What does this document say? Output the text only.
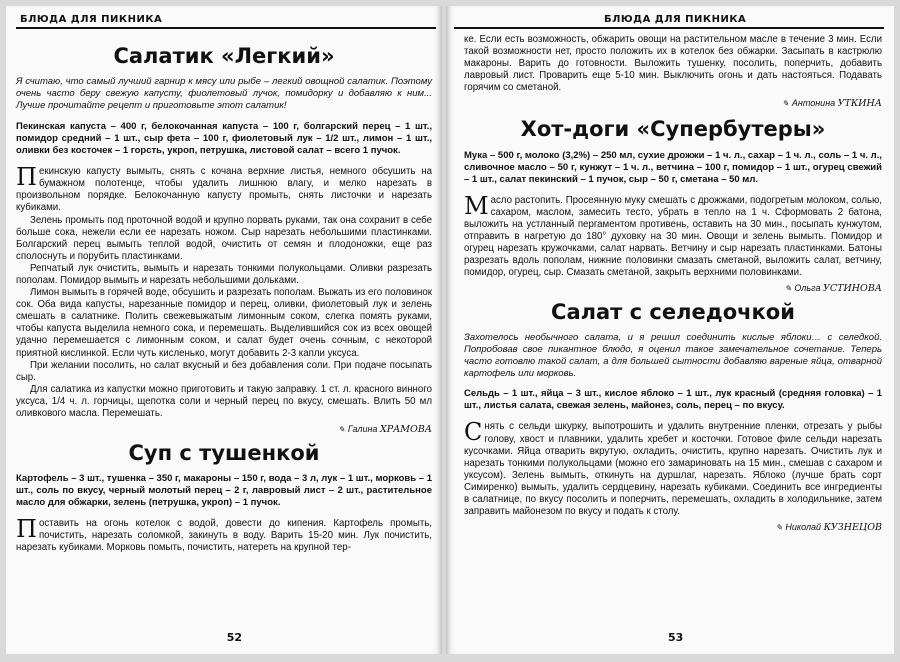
БЛЮДА ДЛЯ ПИКНИКА
Салатик «Легкий»

Я считаю, что самый лучший гарнир к мясу или рыбе – легкий овощной салатик. Поэтому очень часто беру свежую капусту, фиолетовый лучок, помидорку и добавляю к ним... Лучше прочитайте рецепт и приготовьте этот салатик!

Пекинская капуста – 400 г, белокочанная капуста – 100 г, болгарский перец – 1 шт., помидор средний – 1 шт., сыр фета – 100 г, фиолетовый лук – 1/2 шт., лимон – 1 шт., оливки без косточек – 1 горсть, укроп, петрушка, листовой салат – всего 1 пучок.

Пекинскую капусту вымыть, снять с кочана верхние листья, немного обсушить на бумажном полотенце, чтобы удалить лишнюю влагу, и мелко нарезать в произвольном порядке. Белокочанную капусту промыть, снять листочки и нарезать кубиками.

Зелень промыть под проточной водой и крупно порвать руками, так она сохранит в себе больше сока, нежели если ее нарезать ножом. Сыр нарезать небольшими пластинками. Болгарский перец вымыть теплой водой, очистить от семян и плодоножки, еще раз сполоснуть и порубить пластинками.

Репчатый лук очистить, вымыть и нарезать тонкими полукольцами. Оливки разрезать пополам. Помидор вымыть и нарезать небольшими дольками.

Лимон вымыть в горячей воде, обсушить и разрезать пополам. Выжать из его половинок сок. Оба вида капусты, нарезанные помидор и перец, оливки, фиолетовый лук и зелень смешать в салатнике. Полить свежевыжатым лимонным соком, слегка помять руками, чтобы капуста выделила немного сока, и перемешать. Выделившийся сок из всех овощей удачно перемешается с лимонным соком, и салат будет очень сочным, с некоторой приятной кислинкой. Если чуть кисленько, могут добавить 2-3 капли уксуса.

При желании посолить, но салат вкусный и без добавления соли. При подаче посыпать сыр.

Для салатика из капустки можно приготовить и такую заправку. 1 ст. л. красного винного уксуса, 1/4 ч. л. горчицы, щепотка соли и черный перец по вкусу, смешать. Влить 50 мл оливкового масла. Перемешать.

✎ Галина ХРАМОВА
Суп с тушенкой

Картофель – 3 шт., тушенка – 350 г, макароны – 150 г, вода – 3 л, лук – 1 шт., морковь – 1 шт., соль по вкусу, черный молотый перец – 2 г, лавровый лист – 2 шт., растительное масло для обжарки, зелень (петрушка, укроп) – 1 пучок.

Поставить на огонь котелок с водой, довести до кипения. Картофель промыть, почистить, нарезать соломкой, закинуть в воду. Варить 15-20 мин. Лук почистить, нарезать кубиками. Морковь помыть, почистить, натереть на крупной тер-

52
БЛЮДА ДЛЯ ПИКНИКА

ке. Если есть возможность, обжарить овощи на растительном масле в течение 3 мин. Если такой возможности нет, просто положить их в котелок без обжарки. Засыпать в кастрюлю макароны. Варить до готовности. Выложить тушенку, посолить, поперчить, добавить лавровый лист. Проварить еще 5-10 мин. Выключить огонь и дать настояться. Подавать горячим со сметаной.

✎ Антонина УТКИНА
Хот-доги «Супербутеры»

Мука – 500 г, молоко (3,2%) – 250 мл, сухие дрожжи – 1 ч. л., сахар – 1 ч. л., соль – 1 ч. л., сливочное масло – 50 г, кунжут – 1 ч. л., ветчина – 100 г, помидор – 1 шт., огурец свежий – 1 шт., салат пекинский – 1 пучок, сыр – 50 г, сметана – 50 мл.

Масло растопить. Просеянную муку смешать с дрожжами, подогретым молоком, солью, сахаром, маслом, замесить тесто, убрать в тепло на 1 ч. Сформовать 2 батона, выложить на устланный пергаментом противень, оставить на 30 мин., посыпать кунжутом, отправить в нагретую до 180° духовку на 30 мин. Овощи и зелень вымыть. Помидор и огурец нарезать кружочками, салат нарвать. Ветчину и сыр нарезать пластинками. Батоны разрезать вдоль пополам, нижние половинки смазать сметаной, выложить салат, ветчину, помидор, огурец, сыр. Смазать сметаной, закрыть верхними половинками.

✎ Ольга УСТИНОВА
Салат с селедочкой

Захотелось необычного салата, и я решил соединить кислые яблоки… с селедкой. Попробовав свое пикантное блюдо, я оценил такое замечательное сочетание. Теперь часто готовлю такой салат, а для большей сытности добавляю вареные яйца, отварной картофель или морковь.

Сельдь – 1 шт., яйца – 3 шт., кислое яблоко – 1 шт., лук красный (средняя головка) – 1 шт., листья салата, свежая зелень, майонез, соль, перец – по вкусу.

Снять с сельди шкурку, выпотрошить и удалить внутренние пленки, отрезать у рыбы голову, хвост и плавники, удалить хребет и косточки. Готовое филе сельди нарезать кусочками. Яйца отварить вкрутую, охладить, очистить, крупно нарезать. Очистить лук и нарезать тонкими полукольцами (можно его замариновать на 15 мин., смешав с сахаром и уксусом). Зелень вымыть, откинуть на дуршлаг, нарезать. Яблоко (лучше брать сорт Симиренко) вымыть, удалить сердцевину, нарезать кубиками. Соединить все ингредиенты в салатнице, по вкусу посолить и поперчить, перемешать, охладить в холодильнике, затем заправить майонезом по вкусу и подать к столу.

✎ Николай КУЗНЕЦОВ
53
